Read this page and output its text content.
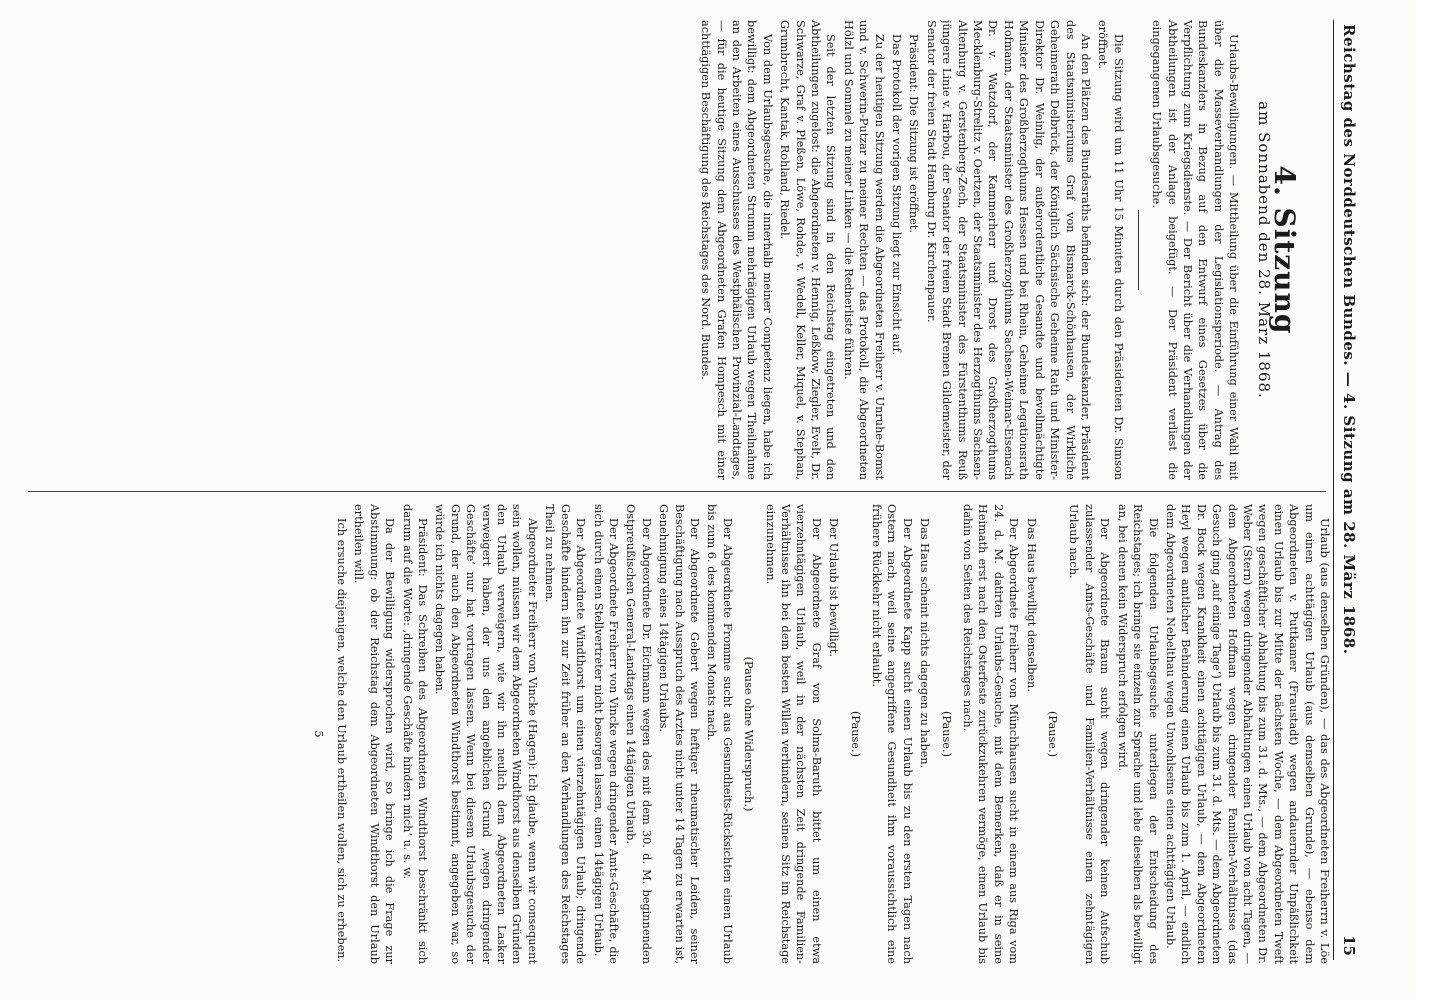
Reichstag des Norddeutschen Bundes. — 4. Sitzung am 28. März 1868.
15
4. Sitzung
am Sonnabend den 28. März 1868.

Urlaubs-Bewilligungen. — Mittheilung über die Einführung einer Wahl mit über die Masseverhandlungen der Legislationsperiode. — Antrag des Bundeskanzlers in Bezug auf den Entwurf eines Gesetzes über die Verpflichtung zum Kriegsdienste. — Der Bericht über die Verhandlungen der Abtheilungen ist der Anlage beigefügt. — Der Präsident verliest die eingegangenen Urlaubsgesuche.

Die Sitzung wird um 11 Uhr 15 Minuten durch den Präsidenten Dr. Simson eröffnet.

An den Plätzen des Bundesraths befinden sich: der Bundeskanzler, Präsident des Staatsministeriums Graf von Bismarck-Schönhausen, der Wirkliche Geheimerath Delbrück, der Königlich Sächsische Geheime Rath und Minister-Direktor Dr. Weinlig, der außerordentliche Gesandte und bevollmächtigte Minister des Großherzogthums Hessen und bei Rhein, Geheime Legationsrath Hofmann, der Staatsminister des Großherzogthums Sachsen-Weimar-Eisenach Dr. v. Watzdorf, der Kammerherr und Drost des Großherzogthums Mecklenburg-Strelitz v. Oertzen, der Staatsminister des Herzogthums Sachsen-Altenburg v. Gerstenberg-Zech, der Staatsminister des Fürstenthums Reuß jüngere Linie v. Harbou, der Senator der freien Stadt Bremen Gildemeister, der Senator der freien Stadt Hamburg Dr. Kirchenpauer.

Präsident: Die Sitzung ist eröffnet.

Das Protokoll der vorigen Sitzung liegt zur Einsicht auf.

Zu der heutigen Sitzung werden die Abgeordneten Freiherr v. Unruhe-Bomst und v. Schwerin-Putzar zu meiner Rechten — das Protokoll, die Abgeordneten Hölzl und Sommel zu meiner Linken — die Rednerliste führen.

Seit der letzten Sitzung sind in den Reichstag eingetreten und den Abtheilungen zugelost: die Abgeordneten v. Hennig, Leßkow, Ziegler, Evelt, Dr. Schwarze, Graf v. Pleßen, Löwe, Rohde, v. Wedell, Keller, Miquel, v. Stephan, Grumbrecht, Kantak, Rohland, Riedel.

Von dem Urlaubsgesuche, die innerhalb meiner Competenz liegen, habe ich bewilligt: dem Abgeordneten Strumm mehrtägigen Urlaub wegen Theilnahme an den Arbeiten eines Ausschusses des Westphälischen Provinzial-Landtages, — für die heutige Sitzung dem Abgeordneten Grafen Hompesch mit einer achttägigen Beschäftigung des Reichstages des Nord. Bundes.

Urlaub (aus denselben Gründen), — das des Abgeordneten Freiherrn v. Löe um einen achttägigen Urlaub (aus demselben Grunde), — ebenso dem Abgeordneten v. Puttkamer (Fraustadt) wegen andauernder Unpäßlichkeit einen Urlaub bis zur Mitte der nächsten Woche, — dem Abgeordneten Tweft wegen geschäftlicher Abhaltung bis zum 31. d. Mts., — dem Abgeordneten Dr. Weber (Stern) wegen dringender Abhaltungen einen Urlaub von acht Tagen, — dem Abgeordneten Hoffman wegen dringender Familien-Verhältnisse (das Gesuch ging ‚auf einige Tage‘) Urlaub bis zum 31. d. Mts. — dem Abgeordneten Dr. Bock wegen Krankheit einen achttägigen Urlaub, — dem Abgeordneten Heyl wegen amtlicher Behinderung einen Urlaub bis zum 1. April, — endlich dem Abgeordneten Nebelthau wegen Unwohlseins einen achttägigen Urlaub.

Die folgenden Urlaubsgesuche unterliegen der Entscheidung des Reichstages; ich bringe sie einzeln zur Sprache und lehe dieselben als bewilligt an, bei denen kein Widerspruch erfolgen wird.

Der Abgeordnete Braun sucht wegen dringender keinen Aufschub zulassender Amts-Geschäfte und Familien-Verhältnisse einen zehntägigen Urlaub nach.

(Pause.)

Das Haus bewilligt denselben.

Der Abgeordnete Freiherr von Münchhausen sucht in einem aus Riga vom 24. d. M. datirten Urlaubs-Gesuche, mit dem Bemerken, daß er in seine Heimath erst nach den Osterfeste zurückzukehren vermöge, einen Urlaub bis dahin von Seiten des Reichstages nach.

(Pause.)

Das Haus scheint nichts dagegen zu haben.

Der Abgeordnete Kapp sucht einen Urlaub bis zu den ersten Tagen nach Ostern nach, weil seine angegriffene Gesundheit ihm voraussichtlich eine frühere Rückkehr nicht erlaubt.

(Pause.)

Der Urlaub ist bewilligt.

Der Abgeordnete Graf von Solms-Baruth bittet um einen etwa vierzehntägigen Urlaub, weil in der nächsten Zeit dringende Familien-Verhältnisse ihn bei dem besten Willen verhindern, seinen Sitz im Reichstage einzunehmen.

(Pause ohne Widerspruch.)

Der Abgeordnete Fromme sucht aus Gesundheits-Rücksichten einen Urlaub bis zum 6. des kommenden Monats nach.

Der Abgeordnete Gebert wegen heftiger rheumatischer Leiden, seiner Beschäftigung nach Ausspruch des Arztes nicht unter 14 Tagen zu erwarten ist, Genehmigung eines 14tägigen Urlaubs.

Der Abgeordnete Dr. Eichmann wegen des mit dem 30. d. M. beginnenden Ostpreußischen General-Landtags einen 14tägigen Urlaub.

Der Abgeordnete Freiherr von Vincke wegen dringender Amts-Geschäfte, die sich durch einen Stellvertreter nicht besorgen lassen, einen 14tägigen Urlaub.

Der Abgeordnete Windthorst um einen vierzehntägigen Urlaub; dringende Geschäfte hindern ihn zur Zeit früher an den Verhandlungen des Reichstages Theil zu nehmen.

Abgeordneter Freiherr von Vincke (Hagen): Ich glaube, wenn wir consequent sein wollen, müssen wir dem Abgeordneten Windthorst aus denselben Gründen den Urlaub verweigern, wie wir ihn neulich dem Abgeordneten Lasker verweigert haben, der uns den angeblichen Grund ‚wegen dringender Geschäfte‘ nur hat vortragen lassen. Wenn bei diesem Urlaubsgesuche der Grund, der auch den Abgeordneten Windthorst bestimmt, angegeben war, so würde ich nichts dagegen haben.

Präsident: Das Schreiben des Abgeordneten Windthorst beschränkt sich darum auf die Worte: ‚dringende Geschäfte hindern mich‘ u. s. w.

Da der Bewilligung widersprochen wird, so bringe ich die Frage zur Abstimmung: ob der Reichstag dem Abgeordneten Windthorst den Urlaub ertheilen will.

Ich ersuche diejenigen, welche den Urlaub ertheilen wollen, sich zu erheben.

5
